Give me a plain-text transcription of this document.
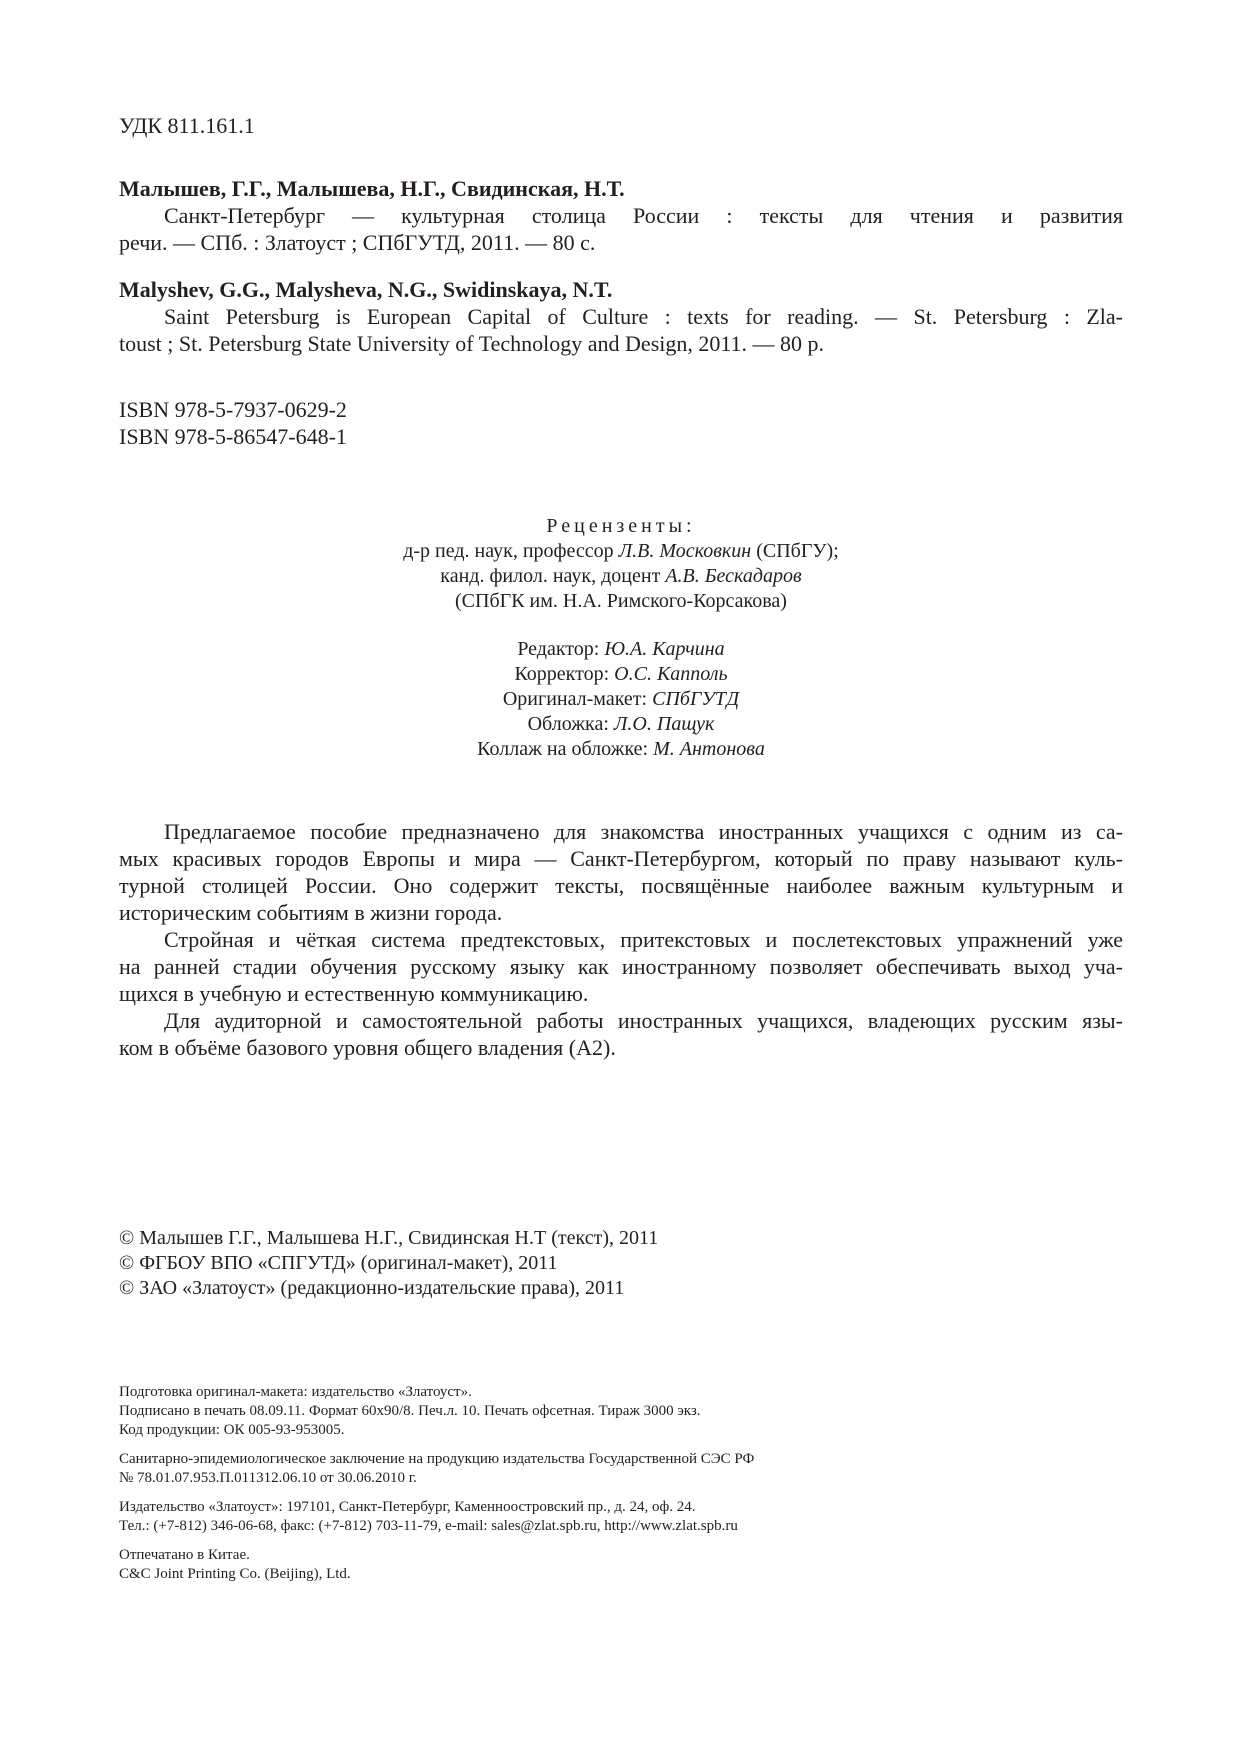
УДК 811.161.1
Малышев, Г.Г., Малышева, Н.Г., Свидинская, Н.Т.
Санкт-Петербург — культурная столица России : тексты для чтения и развития
речи. — СПб. : Златоуст ; СПбГУТД, 2011. — 80 с.
Malyshev, G.G., Malysheva, N.G., Swidinskaya, N.T.
Saint Petersburg is European Capital of Culture : texts for reading. — St. Petersburg : Zla-
toust ; St. Petersburg State University of Technology and Design, 2011. — 80 p.
ISBN 978-5-7937-0629-2
ISBN 978-5-86547-648-1
Рецензенты:
д-р пед. наук, профессор Л.В. Московкин (СПбГУ);
канд. филол. наук, доцент А.В. Бескадаров
(СПбГК им. Н.А. Римского-Корсакова)
Редактор: Ю.А. Карчина
Корректор: О.С. Капполь
Оригинал-макет: СПбГУТД
Обложка: Л.О. Пащук
Коллаж на обложке: М. Антонова
Предлагаемое пособие предназначено для знакомства иностранных учащихся с одним из са-
мых красивых городов Европы и мира — Санкт-Петербургом, который по праву называют куль-
турной столицей России. Оно содержит тексты, посвящённые наиболее важным культурным и
историческим событиям в жизни города.
Стройная и чёткая система предтекстовых, притекстовых и послетекстовых упражнений уже
на ранней стадии обучения русскому языку как иностранному позволяет обеспечивать выход уча-
щихся в учебную и естественную коммуникацию.
Для аудиторной и самостоятельной работы иностранных учащихся, владеющих русским язы-
ком в объёме базового уровня общего владения (А2).
© Малышев Г.Г., Малышева Н.Г., Свидинская Н.Т (текст), 2011
© ФГБОУ ВПО «СПГУТД» (оригинал-макет), 2011
© ЗАО «Златоуст» (редакционно-издательские права), 2011
Подготовка оригинал-макета: издательство «Златоуст».
Подписано в печать 08.09.11. Формат 60x90/8. Печ.л. 10. Печать офсетная. Тираж 3000 экз.
Код продукции: ОК 005-93-953005.
Санитарно-эпидемиологическое заключение на продукцию издательства Государственной СЭС РФ
№ 78.01.07.953.П.011312.06.10 от 30.06.2010 г.
Издательство «Златоуст»: 197101, Санкт-Петербург, Каменноостровский пр., д. 24, оф. 24.
Тел.: (+7-812) 346-06-68, факс: (+7-812) 703-11-79, e-mail: sales@zlat.spb.ru, http://www.zlat.spb.ru
Отпечатано в Китае.
C&C Joint Printing Co. (Beijing), Ltd.
